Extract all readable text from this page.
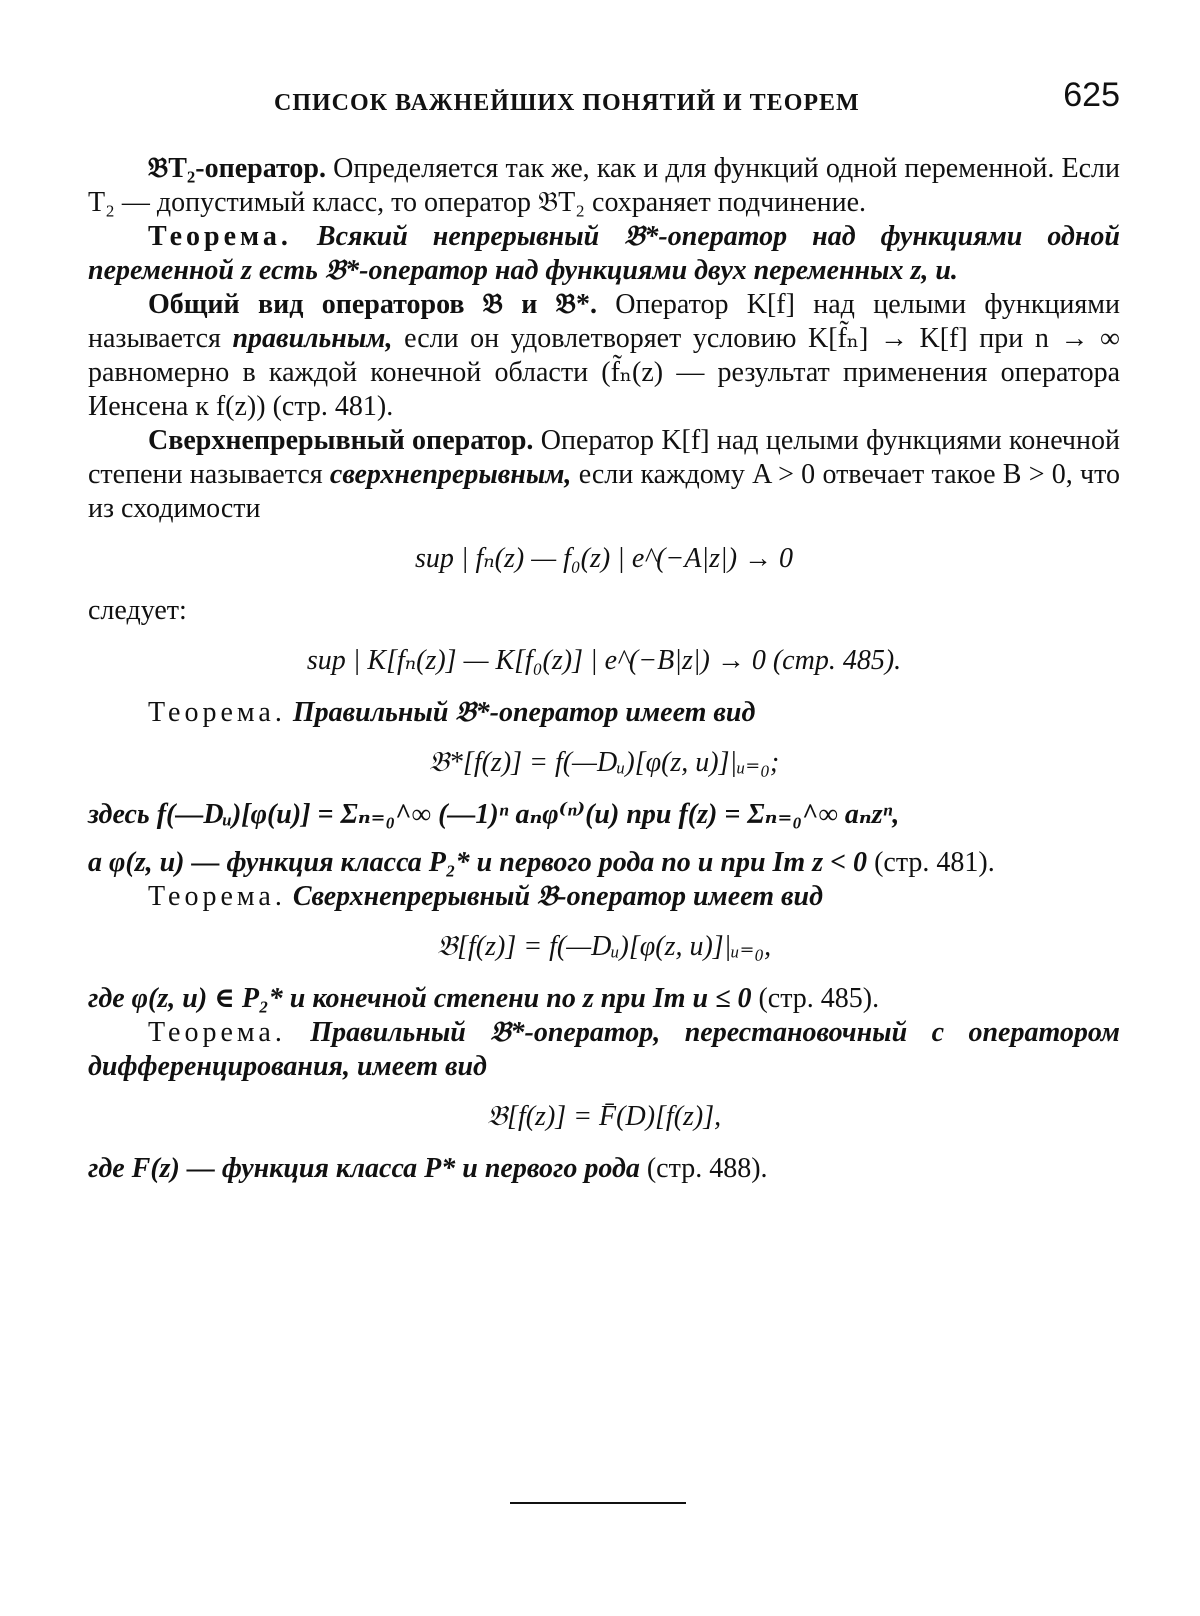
СПИСОК ВАЖНЕЙШИХ ПОНЯТИЙ И ТЕОРЕМ	625

𝔅T₂-оператор. Определяется так же, как и для функций одной переменной. Если T₂ — допустимый класс, то оператор 𝔅T₂ сохраняет подчинение.

Теорема. Всякий непрерывный 𝔅*-оператор над функциями одной переменной z есть 𝔅*-оператор над функциями двух переменных z, u.

Общий вид операторов 𝔅 и 𝔅*. Оператор K[f] над целыми функциями называется правильным, если он удовлетворяет условию K[f̃ₙ] → K[f] при n → ∞ равномерно в каждой конечной области (f̃ₙ(z) — результат применения оператора Иенсена к f(z)) (стр. 481).

Сверхнепрерывный оператор. Оператор K[f] над целыми функциями конечной степени называется сверхнепрерывным, если каждому A > 0 отвечает такое B > 0, что из сходимости

sup | fₙ(z) — f₀(z) | e^(−A|z|) → 0

следует:

sup | K[fₙ(z)] — K[f₀(z)] | e^(−B|z|) → 0 (стр. 485).

Теорема. Правильный 𝔅*-оператор имеет вид

𝔅*[f(z)] = f(—Dᵤ)[φ(z, u)]|ᵤ₌₀;

здесь f(—Dᵤ)[φ(u)] = Σₙ₌₀^∞ (—1)ⁿ aₙφ⁽ⁿ⁾(u) при f(z) = Σₙ₌₀^∞ aₙzⁿ,

а φ(z, u) — функция класса P₂* и первого рода по u при Im z < 0 (стр. 481).

Теорема. Сверхнепрерывный 𝔅-оператор имеет вид

𝔅[f(z)] = f(—Dᵤ)[φ(z, u)]|ᵤ₌₀,

где φ(z, u) ∈ P₂* и конечной степени по z при Im u ≤ 0 (стр. 485).

Теорема. Правильный 𝔅*-оператор, перестановочный с оператором дифференцирования, имеет вид

𝔅[f(z)] = F̄(D)[f(z)],

где F(z) — функция класса P* и первого рода (стр. 488).
